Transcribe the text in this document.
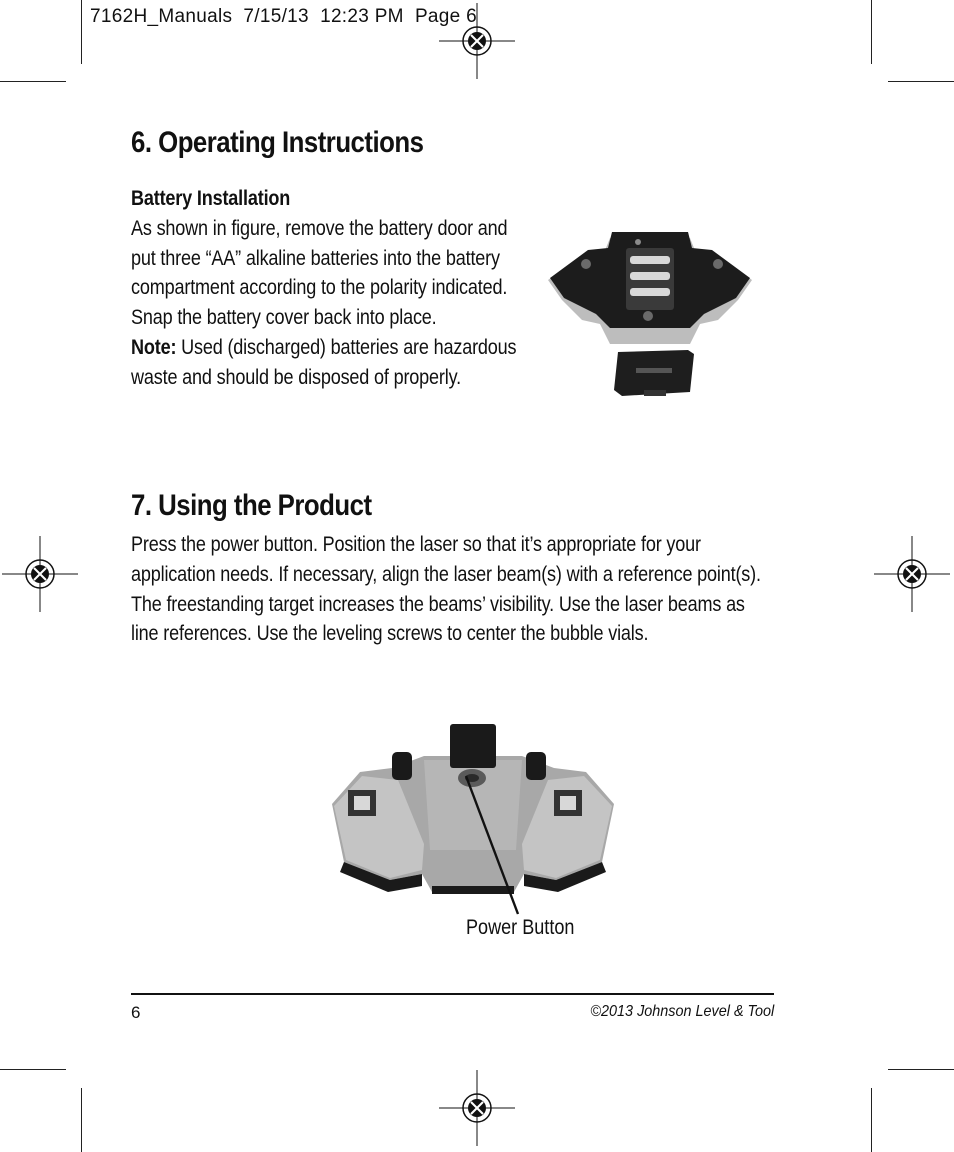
7162H_Manuals  7/15/13  12:23 PM  Page 6
6. Operating Instructions
Battery Installation
As shown in figure, remove the battery door and put three “AA” alkaline batteries into the battery compartment according to the polarity indicated. Snap the battery cover back into place.
Note: Used (discharged) batteries are hazardous waste and should be disposed of properly.
7. Using the Product
Press the power button. Position the laser so that it’s appropriate for your application needs. If necessary, align the laser beam(s) with a reference point(s). The freestanding target increases the beams’ visibility. Use the laser beams as line references. Use the leveling screws to center the bubble vials.
Power Button
6	©2013 Johnson Level & Tool
